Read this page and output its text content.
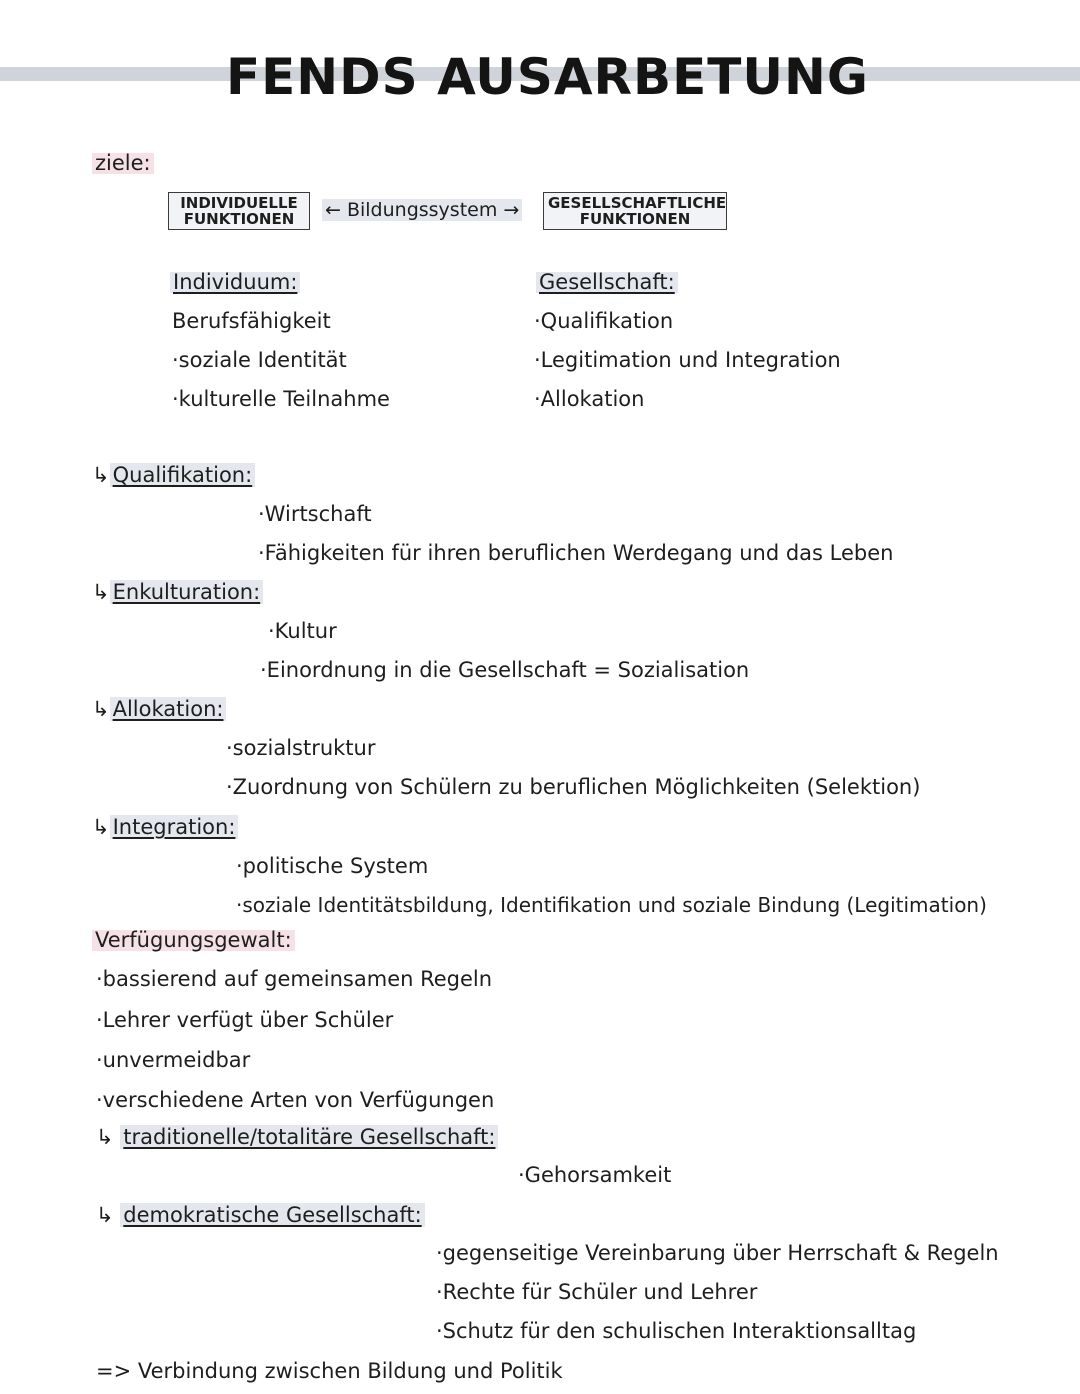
FENDS AUSARBETUNG
ziele:
INDIVIDUELLE
FUNKTIONEN	← Bildungssystem → GESELLSCHAFTLICHE
FUNKTIONEN
Individuum:
Berufsfähigkeit
·soziale Identität
·kulturelle Teilnahme
Gesellschaft:
·Qualifikation
·Legitimation und Integration
·Allokation
↳ Qualifikation:
·Wirtschaft
·Fähigkeiten für ihren beruflichen Werdegang und das Leben
↳ Enkulturation:
·Kultur
·Einordnung in die Gesellschaft = Sozialisation
↳ Allokation:
·sozialstruktur
·Zuordnung von Schülern zu beruflichen Möglichkeiten (Selektion)
↳ Integration:
·politische System
·soziale Identitätsbildung, Identifikation und soziale Bindung (Legitimation)
Verfügungsgewalt:
·bassierend auf gemeinsamen Regeln
·Lehrer verfügt über Schüler
·unvermeidbar
·verschiedene Arten von Verfügungen
↳ traditionelle/totalitäre Gesellschaft:
·Gehorsamkeit
↳ demokratische Gesellschaft:
·gegenseitige Vereinbarung über Herrschaft & Regeln
·Rechte für Schüler und Lehrer
·Schutz für den schulischen Interaktionsalltag
=> Verbindung zwischen Bildung und Politik
